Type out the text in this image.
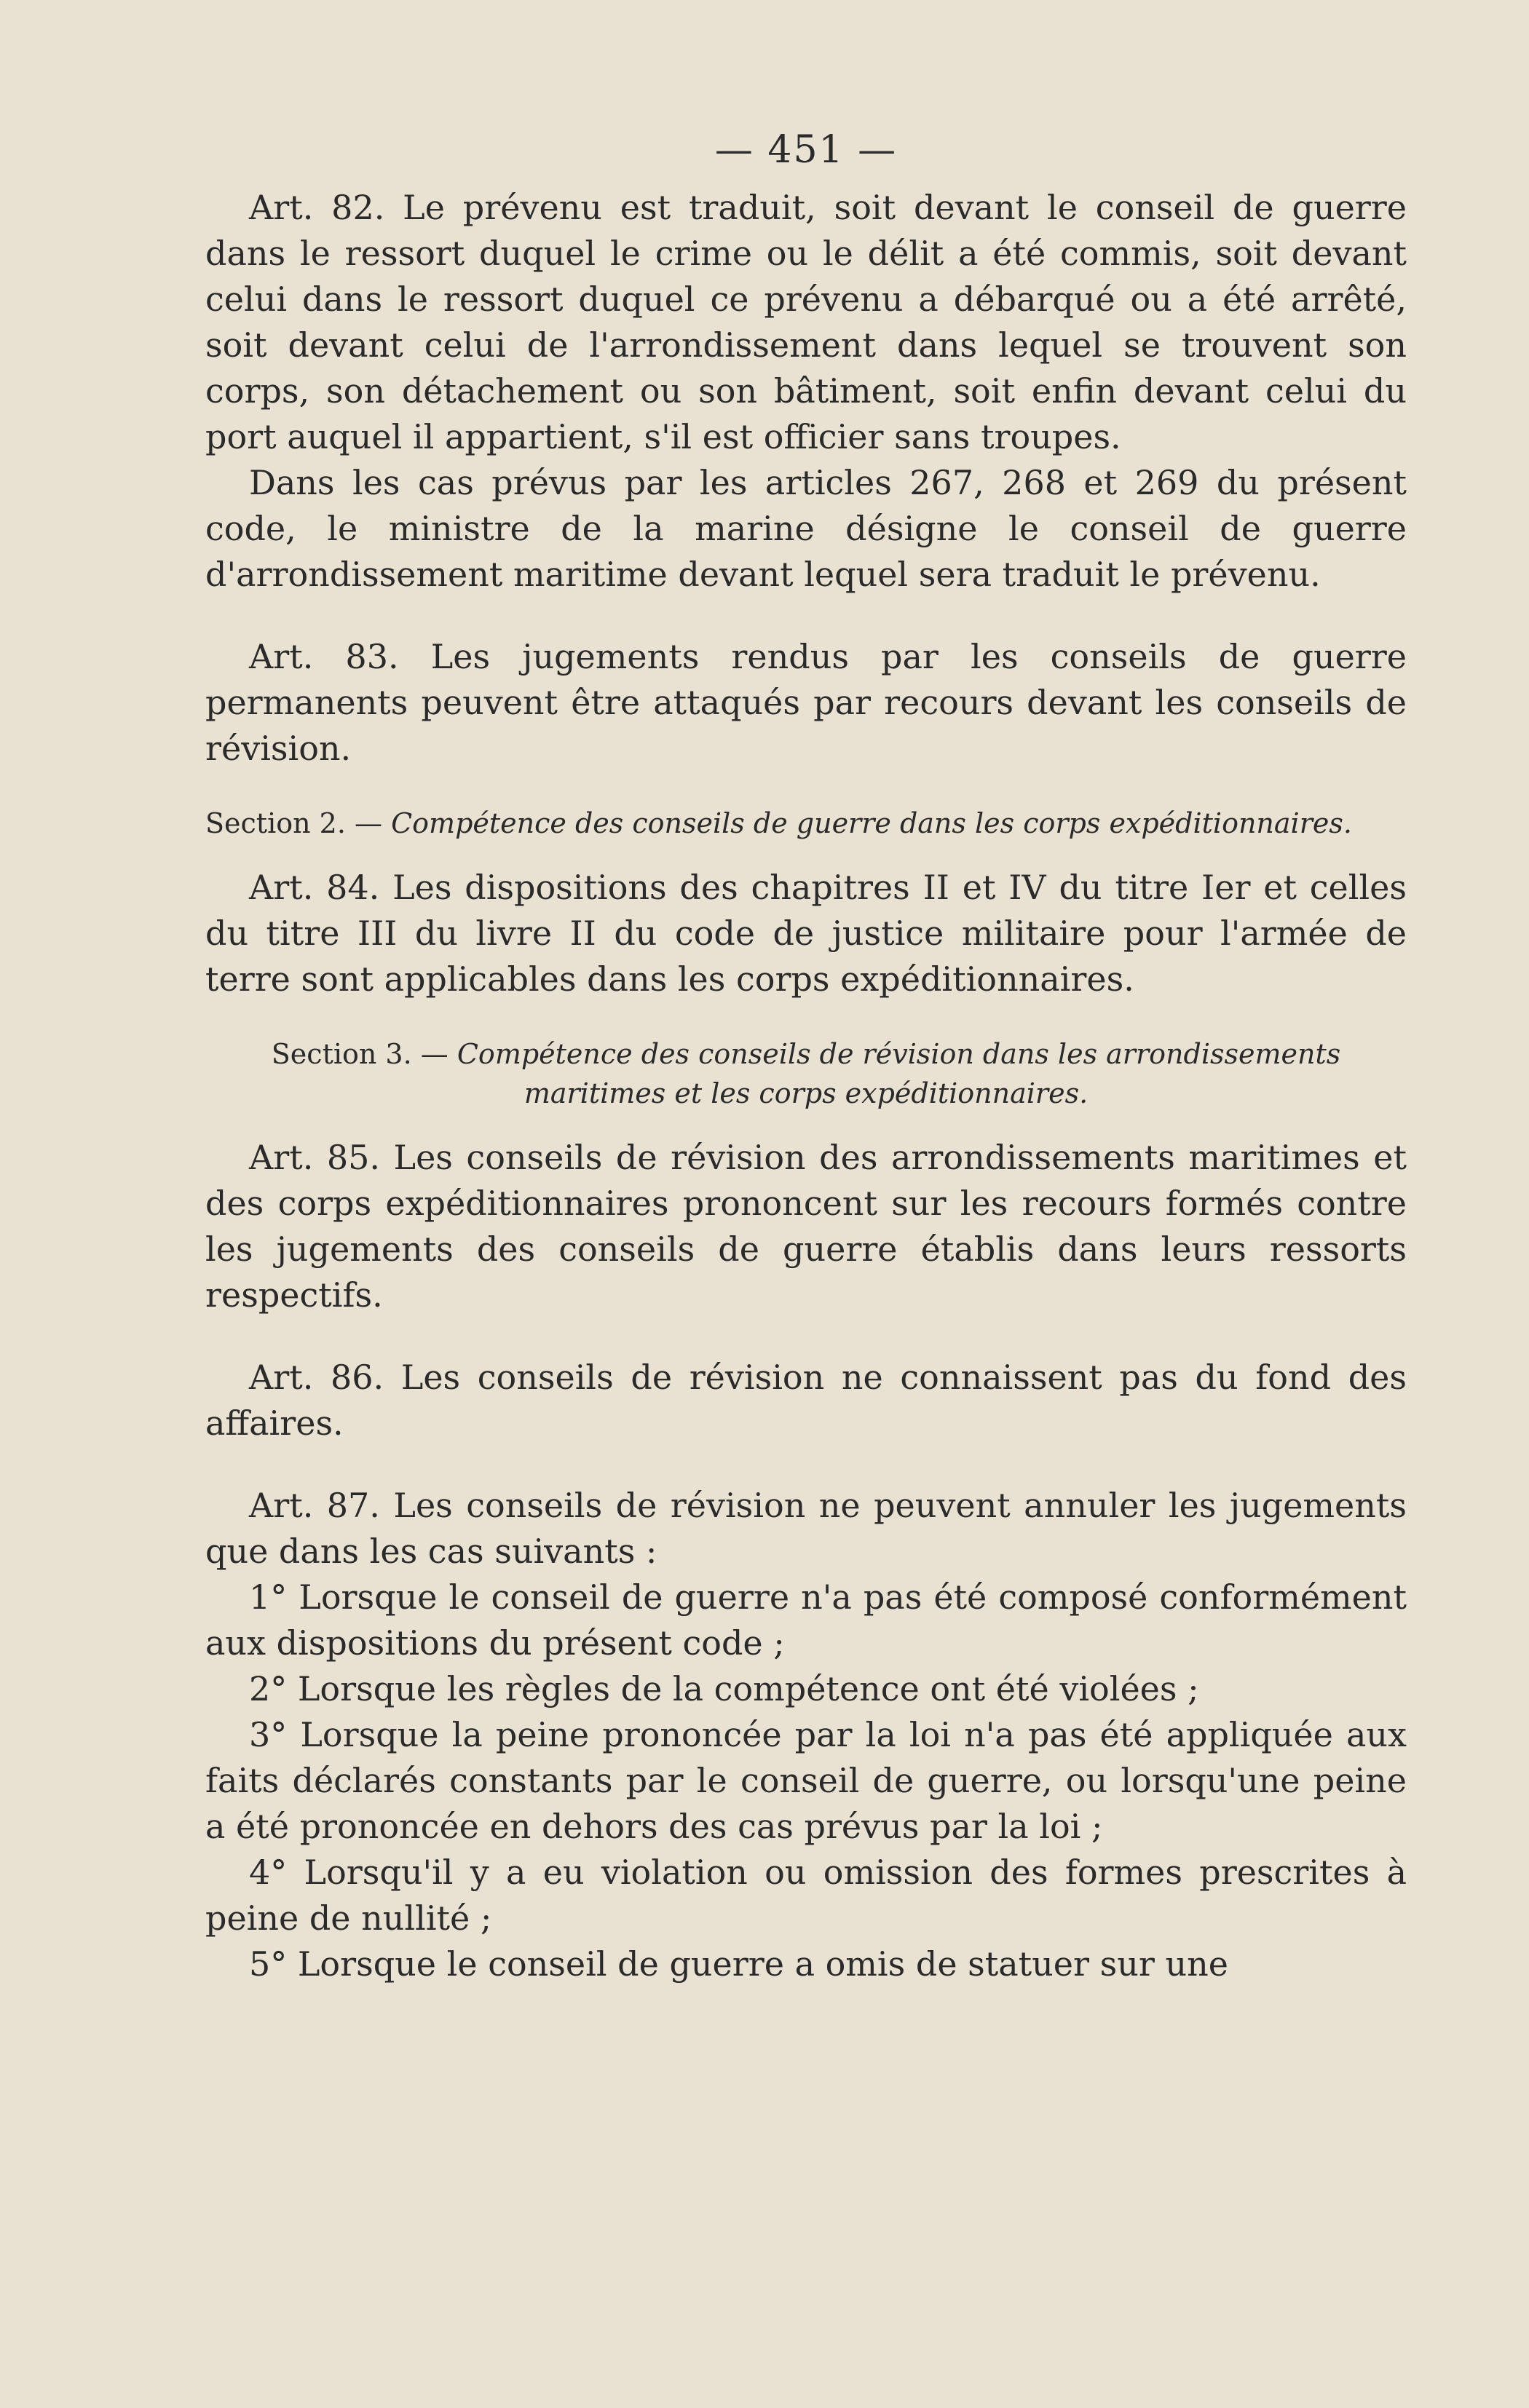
— 451 —

Art. 82. Le prévenu est traduit, soit devant le conseil de guerre dans le ressort duquel le crime ou le délit a été commis, soit devant celui dans le ressort duquel ce prévenu a débarqué ou a été arrêté, soit devant celui de l'arrondissement dans lequel se trouvent son corps, son détachement ou son bâtiment, soit enfin devant celui du port auquel il appartient, s'il est officier sans troupes.

Dans les cas prévus par les articles 267, 268 et 269 du présent code, le ministre de la marine désigne le conseil de guerre d'arrondissement maritime devant lequel sera traduit le prévenu.

Art. 83. Les jugements rendus par les conseils de guerre permanents peuvent être attaqués par recours devant les conseils de révision.

Section 2. — Compétence des conseils de guerre dans les corps expéditionnaires.

Art. 84. Les dispositions des chapitres II et IV du titre Ier et celles du titre III du livre II du code de justice militaire pour l'armée de terre sont applicables dans les corps expéditionnaires.

Section 3. — Compétence des conseils de révision dans les arrondissements maritimes et les corps expéditionnaires.

Art. 85. Les conseils de révision des arrondissements maritimes et des corps expéditionnaires prononcent sur les recours formés contre les jugements des conseils de guerre établis dans leurs ressorts respectifs.

Art. 86. Les conseils de révision ne connaissent pas du fond des affaires.

Art. 87. Les conseils de révision ne peuvent annuler les jugements que dans les cas suivants :

1° Lorsque le conseil de guerre n'a pas été composé conformément aux dispositions du présent code ;

2° Lorsque les règles de la compétence ont été violées ;

3° Lorsque la peine prononcée par la loi n'a pas été appliquée aux faits déclarés constants par le conseil de guerre, ou lorsqu'une peine a été prononcée en dehors des cas prévus par la loi ;

4° Lorsqu'il y a eu violation ou omission des formes prescrites à peine de nullité ;

5° Lorsque le conseil de guerre a omis de statuer sur une
